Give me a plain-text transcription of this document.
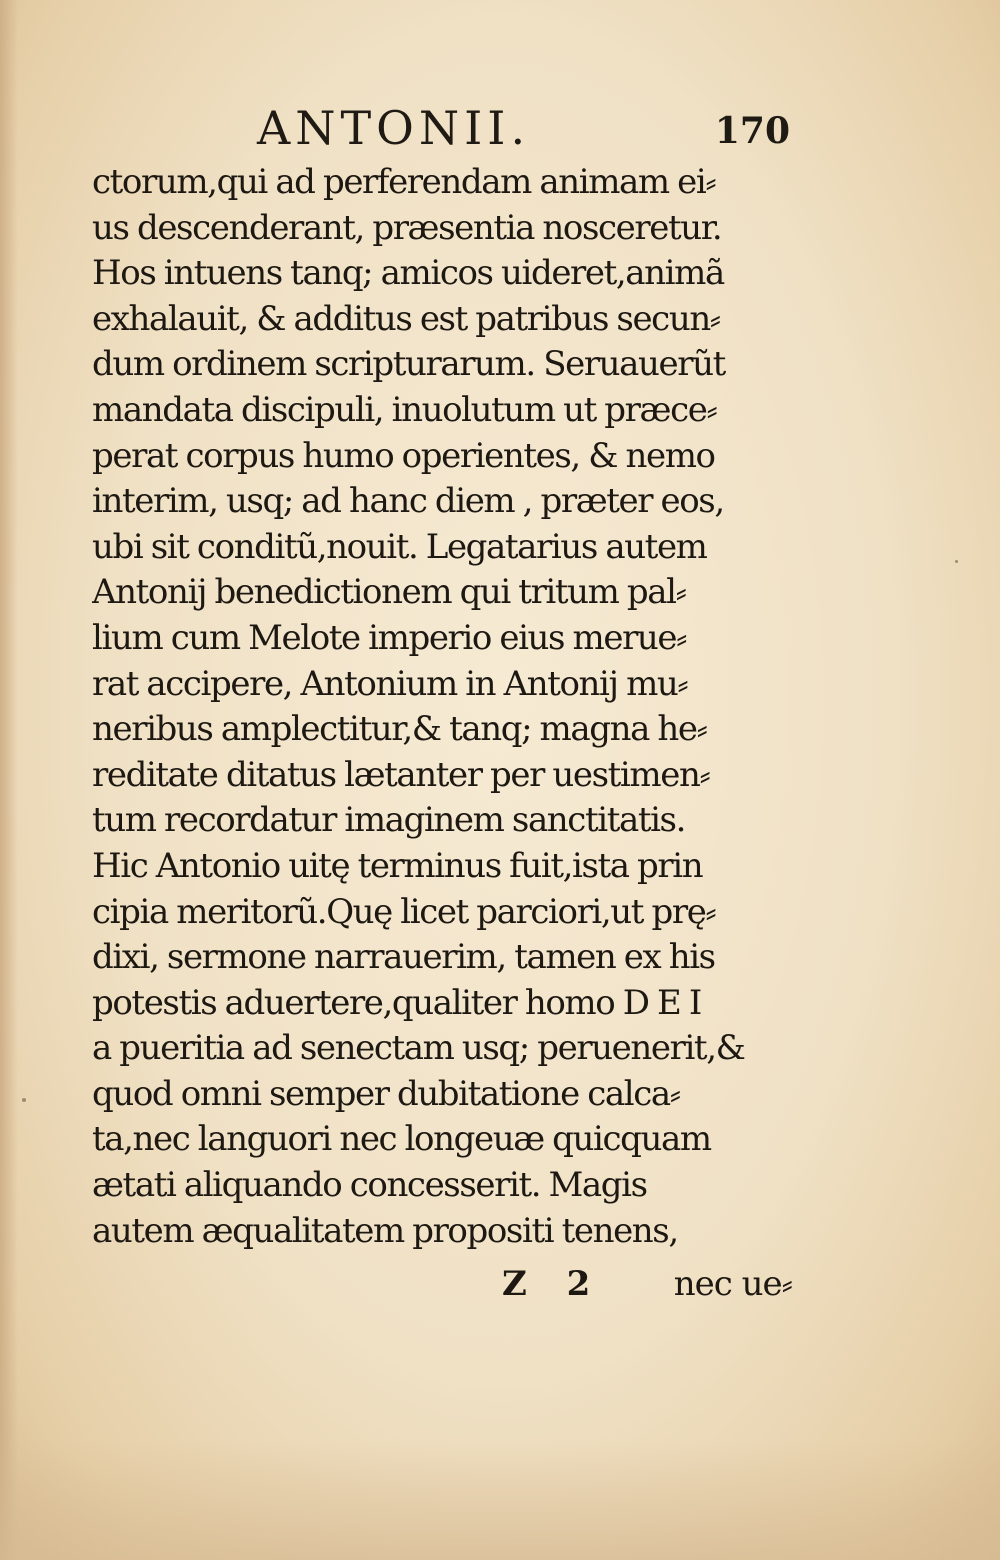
ANTONII.	170
ctorum,qui ad perferendam animam ei⸗
us descenderant, præsentia nosceretur.
Hos intuens tanq; amicos uideret,animã
exhalauit, & additus est patribus secun⸗
dum ordinem scripturarum. Seruauerũt
mandata discipuli, inuolutum ut præce⸗
perat corpus humo operientes, & nemo
interim, usq; ad hanc diem , præter eos,
ubi sit conditũ,nouit. Legatarius autem
Antonij benedictionem qui tritum pal⸗
lium cum Melote imperio eius merue⸗
rat accipere, Antonium in Antonij mu⸗
neribus amplectitur,& tanq; magna he⸗
reditate ditatus lætanter per uestimen⸗
tum recordatur imaginem sanctitatis.
Hic Antonio uitę terminus fuit,ista prin
cipia meritorũ.Quę licet parciori,ut prę⸗
dixi, sermone narrauerim, tamen ex his
potestis aduertere,qualiter homo D E I
a pueritia ad senectam usq; peruenerit,&
quod omni semper dubitatione calca⸗
ta,nec languori nec longeuæ quicquam
ætati aliquando concesserit. Magis
autem æqualitatem propositi tenens,
Z 2 nec ue⸗
